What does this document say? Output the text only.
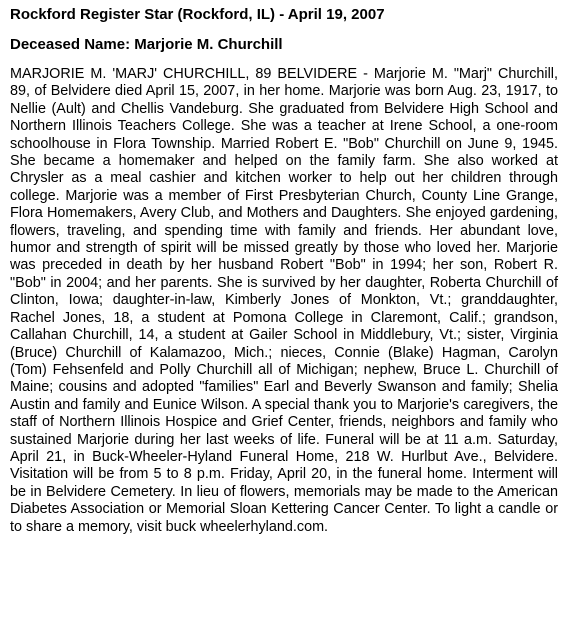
Rockford Register Star (Rockford, IL) - April 19, 2007
Deceased Name: Marjorie M. Churchill
MARJORIE M. 'MARJ' CHURCHILL, 89 BELVIDERE - Marjorie M. "Marj" Churchill, 89, of Belvidere died April 15, 2007, in her home. Marjorie was born Aug. 23, 1917, to Nellie (Ault) and Chellis Vandeburg. She graduated from Belvidere High School and Northern Illinois Teachers College. She was a teacher at Irene School, a one-room schoolhouse in Flora Township. Married Robert E. "Bob" Churchill on June 9, 1945. She became a homemaker and helped on the family farm. She also worked at Chrysler as a meal cashier and kitchen worker to help out her children through college. Marjorie was a member of First Presbyterian Church, County Line Grange, Flora Homemakers, Avery Club, and Mothers and Daughters. She enjoyed gardening, flowers, traveling, and spending time with family and friends. Her abundant love, humor and strength of spirit will be missed greatly by those who loved her. Marjorie was preceded in death by her husband Robert "Bob" in 1994; her son, Robert R. "Bob" in 2004; and her parents. She is survived by her daughter, Roberta Churchill of Clinton, Iowa; daughter-in-law, Kimberly Jones of Monkton, Vt.; granddaughter, Rachel Jones, 18, a student at Pomona College in Claremont, Calif.; grandson, Callahan Churchill, 14, a student at Gailer School in Middlebury, Vt.; sister, Virginia (Bruce) Churchill of Kalamazoo, Mich.; nieces, Connie (Blake) Hagman, Carolyn (Tom) Fehsenfeld and Polly Churchill all of Michigan; nephew, Bruce L. Churchill of Maine; cousins and adopted "families" Earl and Beverly Swanson and family; Shelia Austin and family and Eunice Wilson. A special thank you to Marjorie's caregivers, the staff of Northern Illinois Hospice and Grief Center, friends, neighbors and family who sustained Marjorie during her last weeks of life. Funeral will be at 11 a.m. Saturday, April 21, in Buck-Wheeler-Hyland Funeral Home, 218 W. Hurlbut Ave., Belvidere. Visitation will be from 5 to 8 p.m. Friday, April 20, in the funeral home. Interment will be in Belvidere Cemetery. In lieu of flowers, memorials may be made to the American Diabetes Association or Memorial Sloan Kettering Cancer Center. To light a candle or to share a memory, visit buck wheelerhyland.com.
